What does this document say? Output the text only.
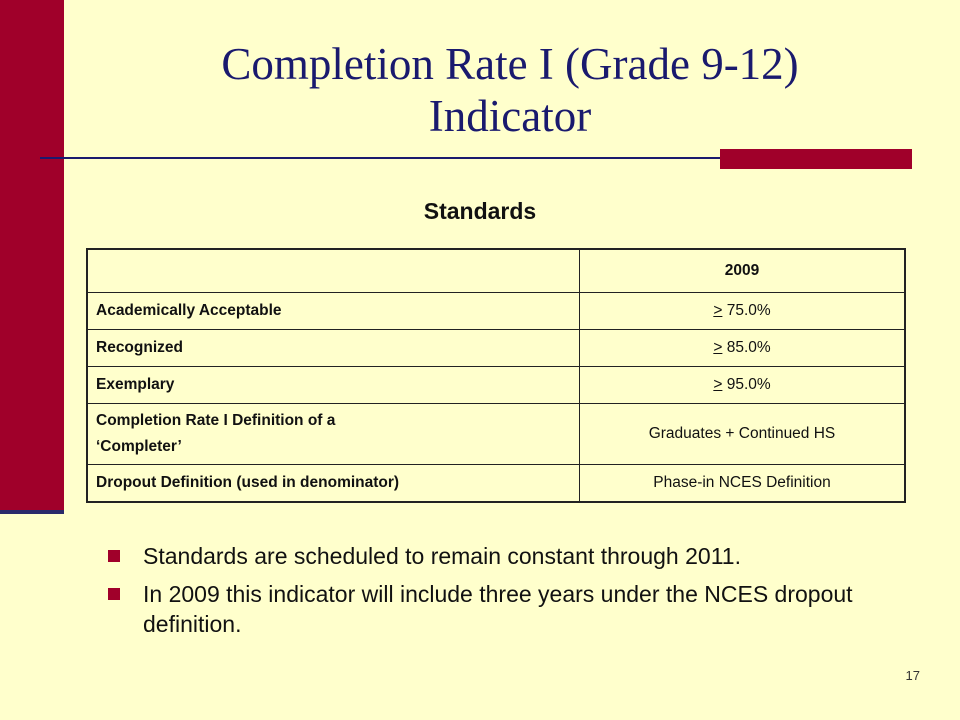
Completion Rate I (Grade 9-12)
Indicator
Standards
	2009
Academically Acceptable	≥ 75.0%
Recognized	≥ 85.0%
Exemplary	≥ 95.0%

Completion Rate I Definition of a
‘Completer’	Graduates + Continued HS
Dropout Definition (used in denominator)	Phase-in NCES Definition
Standards are scheduled to remain constant through 2011.
In 2009 this indicator will include three years under the NCES dropout definition.
17
